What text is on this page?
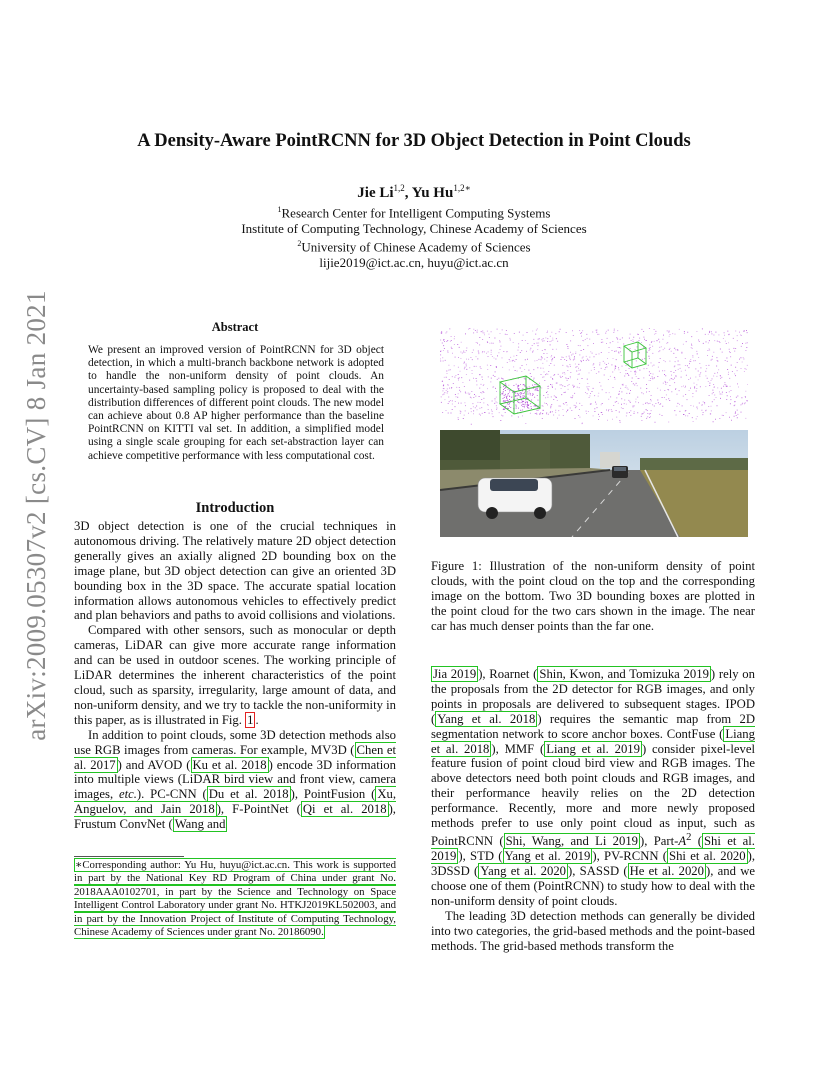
arXiv:2009.05307v2 [cs.CV] 8 Jan 2021
A Density-Aware PointRCNN for 3D Object Detection in Point Clouds
Jie Li$^{1,2}$, Yu $Hu^{1,2∗}$
$^1$Research Center for Intelligent Computing Systems
Institute of Computing Technology, Chinese Academy of Sciences
$^2$University of Chinese Academy of Sciences
lijie2019@ict.ac.cn, huyu@ict.ac.cn
Abstract
We present an improved version of PointRCNN for 3D object detection, in which a multi-branch backbone network is adopted to handle the non-uniform density of point clouds. An uncertainty-based sampling policy is proposed to deal with the distribution differences of different point clouds. The new model can achieve about 0.8 AP higher performance than the baseline PointRCNN on KITTI val set. In addition, a simplified model using a single scale grouping for each set-abstraction layer can achieve competitive performance with less computational cost.
Introduction

3D object detection is one of the crucial techniques in autonomous driving. The relatively mature 2D object detection generally gives an axially aligned 2D bounding box on the image plane, but 3D object detection can give an oriented 3D bounding box in the 3D space. The accurate spatial location information allows autonomous vehicles to effectively predict and plan behaviors and paths to avoid collisions and violations.

Compared with other sensors, such as monocular or depth cameras, LiDAR can give more accurate range information and can be used in outdoor scenes. The working principle of LiDAR determines the inherent characteristics of the point cloud, such as sparsity, irregularity, large amount of data, and non-uniform density, and we try to tackle the non-uniformity in this paper, as is illustrated in Fig. 1 .

In addition to point clouds, some 3D detection methods also use RGB images from cameras. For example, MV3D ( Chen et al. 2017 ) and AVOD ( Ku et al. 2018 ) encode 3D information into multiple views (LiDAR bird view and front view, camera images, etc.). PC-CNN ( Du et al. 2018 ), PointFusion ( Xu, Anguelov, and Jain 2018 ), F-PointNet ( Qi et al. 2018 ), Frustum ConvNet ( Wang and

∗Corresponding author: Yu Hu, huyu@ict.ac.cn. This work is supported in part by the National Key RD Program of China under grant No. 2018AAA0102701, in part by the Science and Technology on Space Intelligent Control Laboratory under grant No. HTKJ2019KL502003, and in part by the Innovation Project of Institute of Computing Technology, Chinese Academy of Sciences under grant No. 20186090.
Figure 1: Illustration of the non-uniform density of point clouds, with the point cloud on the top and the corresponding image on the bottom. Two 3D bounding boxes are plotted in the point cloud for the two cars shown in the image. The near car has much denser points than the far one.

Jia 2019 ), Roarnet ( Shin, Kwon, and Tomizuka 2019 ) rely on the proposals from the 2D detector for RGB images, and only points in proposals are delivered to subsequent stages. IPOD ( Yang et al. 2018 ) requires the semantic map from 2D segmentation network to score anchor boxes. ContFuse ( Liang et al. 2018 ), MMF ( Liang et al. 2019 ) consider pixel-level feature fusion of point cloud bird view and RGB images. The above detectors need both point clouds and RGB images, and their performance heavily relies on the 2D detection performance. Recently, more and more newly proposed methods prefer to use only point cloud as input, such as PointRCNN ( Shi, Wang, and Li 2019 ), Part-$A^2$ ( Shi et al. 2019 ), STD ( Yang et al. 2019 ), PV-RCNN ( Shi et al. 2020 ), 3DSSD ( Yang et al. 2020 ), SASSD ( He et al. 2020 ), and we choose one of them (PointRCNN) to study how to deal with the non-uniform density of point clouds.

The leading 3D detection methods can generally be divided into two categories, the grid-based methods and the point-based methods. The grid-based methods transform the
